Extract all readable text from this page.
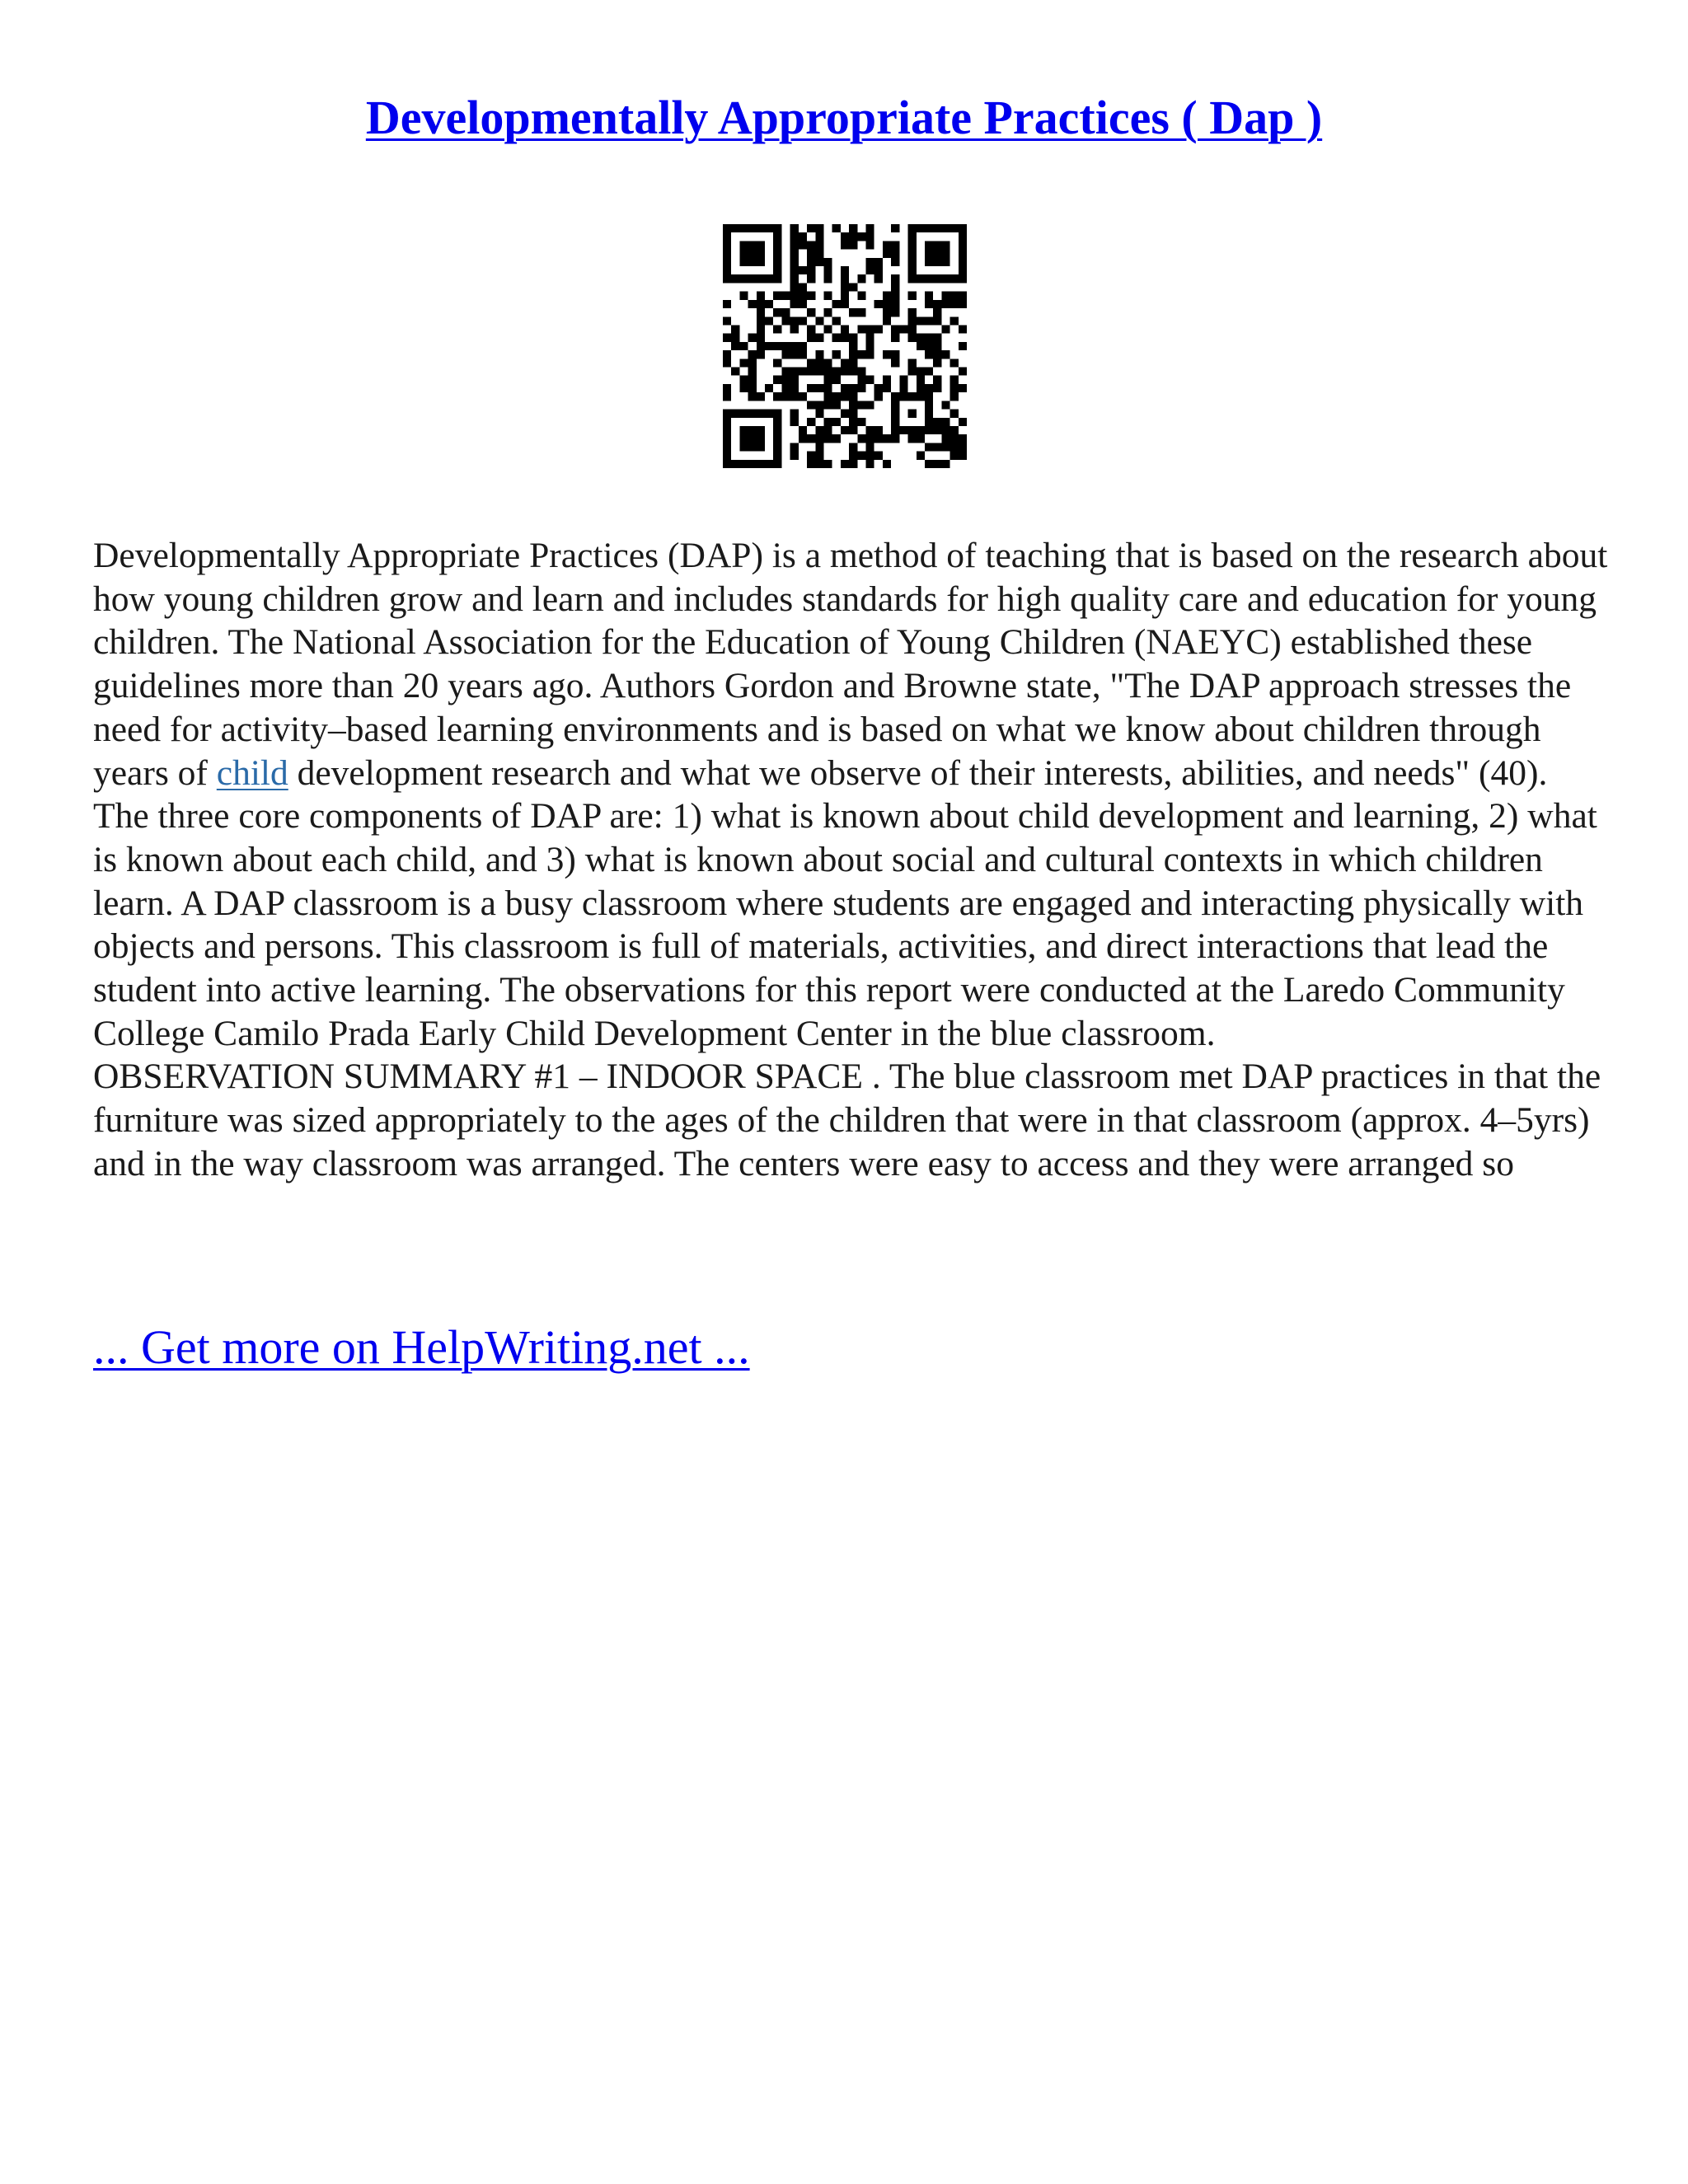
Developmentally Appropriate Practices ( Dap )

Developmentally Appropriate Practices (DAP) is a method of teaching that is based on the research about how young children grow and learn and includes standards for high quality care and education for young children. The National Association for the Education of Young Children (NAEYC) established these guidelines more than 20 years ago. Authors Gordon and Browne state, "The DAP approach stresses the need for activity–based learning environments and is based on what we know about children through years of child development research and what we observe of their interests, abilities, and needs" (40). The three core components of DAP are: 1) what is known about child development and learning, 2) what is known about each child, and 3) what is known about social and cultural contexts in which children learn. A DAP classroom is a busy classroom where students are engaged and interacting physically with objects and persons. This classroom is full of materials, activities, and direct interactions that lead the student into active learning. The observations for this report were conducted at the Laredo Community College Camilo Prada Early Child Development Center in the blue classroom.

OBSERVATION SUMMARY #1 – INDOOR SPACE . The blue classroom met DAP practices in that the furniture was sized appropriately to the ages of the children that were in that classroom (approx. 4–5yrs) and in the way classroom was arranged. The centers were easy to access and they were arranged so

... Get more on HelpWriting.net ...
